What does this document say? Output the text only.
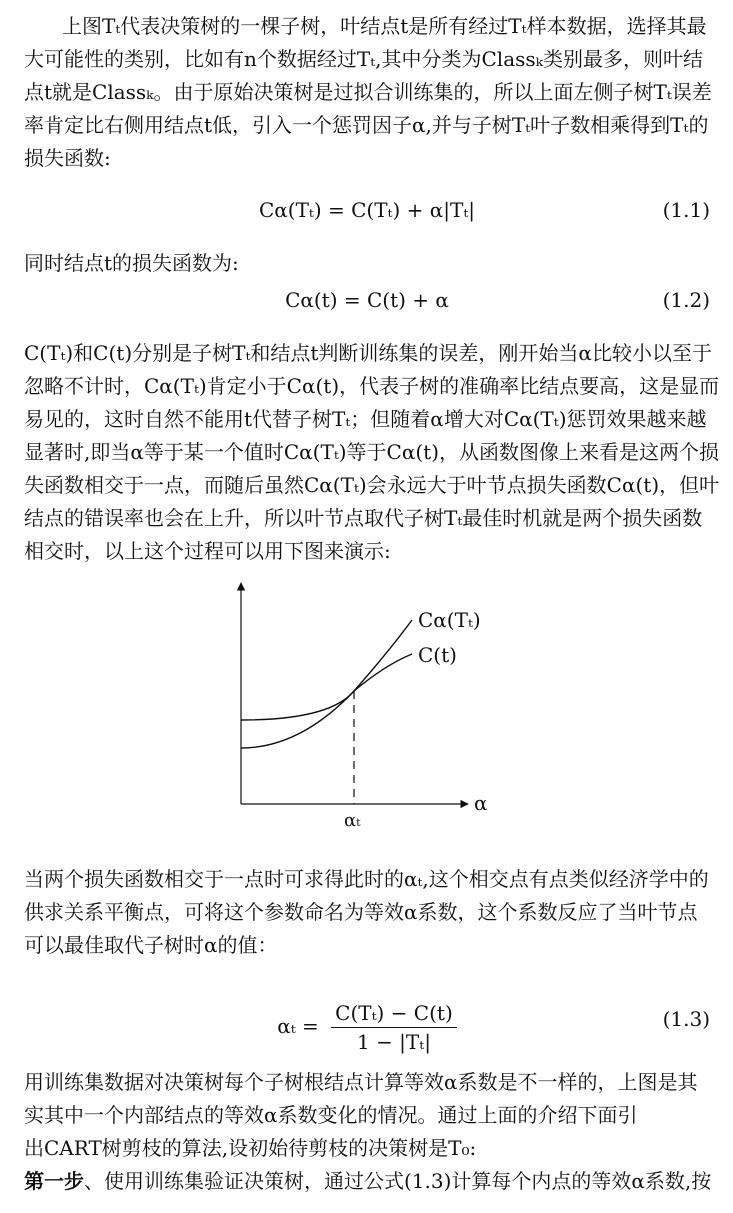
上图Tₜ代表决策树的一棵子树，叶结点t是所有经过Tₜ样本数据，选择其最
大可能性的类别，比如有n个数据经过Tₜ,其中分类为Classₖ类别最多，则叶结
点t就是Classₖ。由于原始决策树是过拟合训练集的，所以上面左侧子树Tₜ误差
率肯定比右侧用结点t低，引入一个惩罚因子α,并与子树Tₜ叶子数相乘得到Tₜ的
损失函数:
Cα(Tₜ) = C(Tₜ) + α|Tₜ|	(1.1)
同时结点t的损失函数为:
Cα(t) = C(t) + α	(1.2)
C(Tₜ)和C(t)分别是子树Tₜ和结点t判断训练集的误差，刚开始当α比较小以至于
忽略不计时，Cα(Tₜ)肯定小于Cα(t)，代表子树的准确率比结点要高，这是显而
易见的，这时自然不能用t代替子树Tₜ；但随着α增大对Cα(Tₜ)惩罚效果越来越
显著时,即当α等于某一个值时Cα(Tₜ)等于Cα(t)，从函数图像上来看是这两个损
失函数相交于一点，而随后虽然Cα(Tₜ)会永远大于叶节点损失函数Cα(t)，但叶
结点的错误率也会在上升，所以叶节点取代子树Tₜ最佳时机就是两个损失函数
相交时，以上这个过程可以用下图来演示:
Cα(Tₜ)
C(t)
α
αₜ
当两个损失函数相交于一点时可求得此时的αₜ,这个相交点有点类似经济学中的
供求关系平衡点，可将这个参数命名为等效α系数，这个系数反应了当叶节点
可以最佳取代子树时α的值：
$\alpha_t = \frac{\text{C(Tₜ) − C(t)}}{\text{1 − |Tₜ|}}$	(1.3)
用训练集数据对决策树每个子树根结点计算等效α系数是不一样的，上图是其
实其中一个内部结点的等效α系数变化的情况。通过上面的介绍下面引
出CART树剪枝的算法,设初始待剪枝的决策树是T₀:
第一步、使用训练集验证决策树，通过公式(1.3)计算每个内点的等效α系数,按
